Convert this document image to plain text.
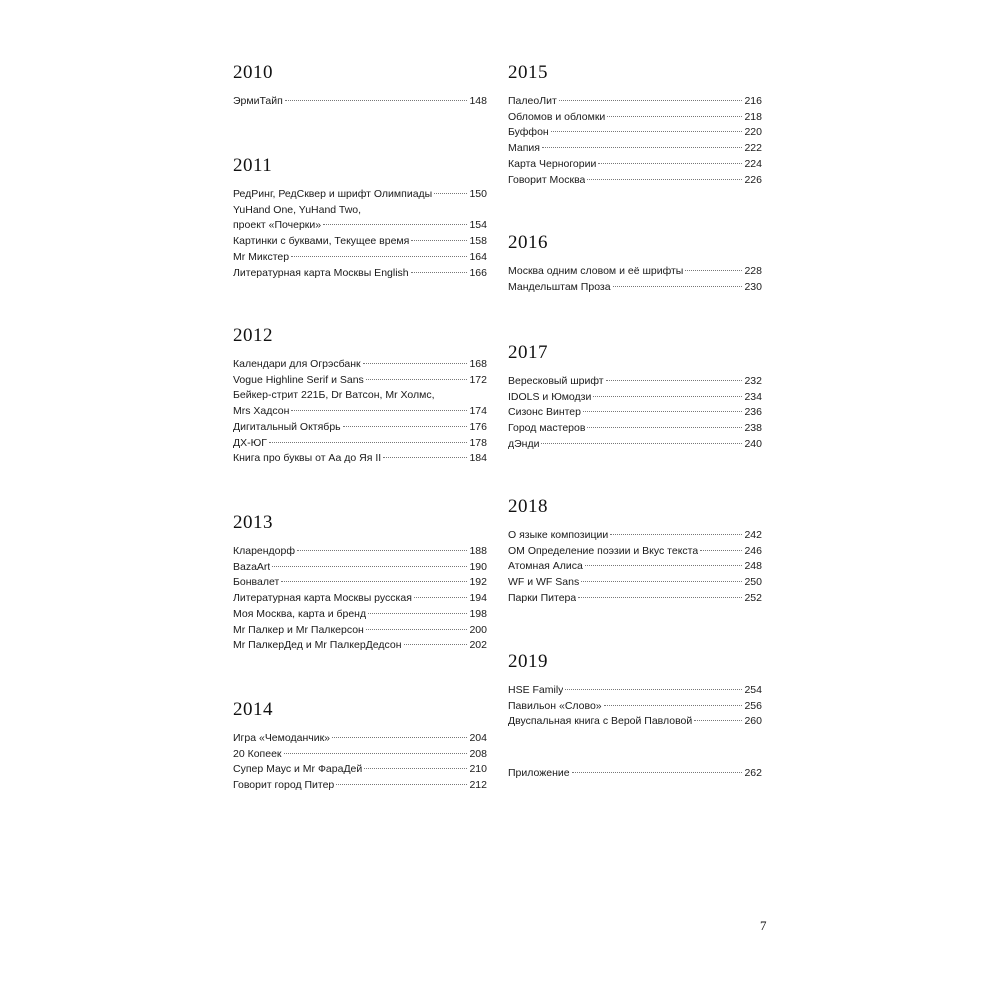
2010
ЭрмиТайп	148
2011
РедРинг, РедСквер и шрифт Олимпиады	150
YuHand One, YuHand Two,
проект «Почерки»	154
Картинки с буквами, Текущее время	158
Mr Микстер	164
Литературная карта Москвы English	166
2012
Календари для Огрэсбанк	168
Vogue Highline Serif и Sans	172
Бейкер-стрит 221Б, Dr Ватсон, Mr Холмс,
Mrs Хадсон	174
Дигитальный Октябрь	176
ДХ-ЮГ	178
Книга про буквы от Аа до Яя II	184
2013
Кларендорф	188
BazaArt	190
Бонвалет	192
Литературная карта Москвы русская	194
Моя Москва, карта и бренд	198
Mr Палкер и Mr Палкерсон	200
Mr ПалкерДед и Mr ПалкерДедсон	202
2014
Игра «Чемоданчик»	204
20 Копеек	208
Супер Маус и Mr ФараДей	210
Говорит город Питер	212
2015
ПалеоЛит	216
Обломов и обломки	218
Буффон	220
Мапия	222
Карта Черногории	224
Говорит Москва	226
2016
Москва одним словом и её шрифты	228
Мандельштам Проза	230
2017
Вересковый шрифт	232
IDOLS и Юмодзи	234
Сизонс Винтер	236
Город мастеров	238
дЭнди	240
2018
О языке композиции	242
OM Определение поэзии и Вкус текста	246
Атомная Алиса	248
WF и WF Sans	250
Парки Питера	252
2019
HSE Family	254
Павильон «Слово»	256
Двуспальная книга с Верой Павловой	260
Приложение	262
7
